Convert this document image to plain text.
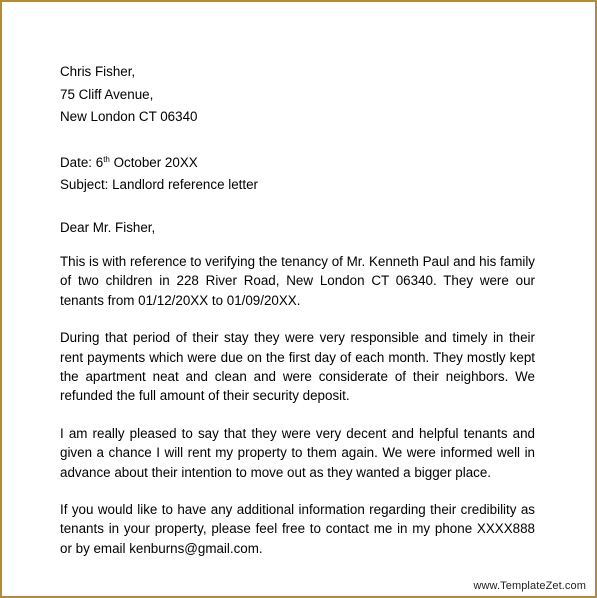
Chris Fisher,
75 Cliff Avenue,
New London CT 06340
Date: 6th October 20XX
Subject: Landlord reference letter
Dear Mr. Fisher,
This is with reference to verifying the tenancy of Mr. Kenneth Paul and his family of two children in 228 River Road, New London CT 06340. They were our tenants from 01/12/20XX to 01/09/20XX.
During that period of their stay they were very responsible and timely in their rent payments which were due on the first day of each month. They mostly kept the apartment neat and clean and were considerate of their neighbors. We refunded the full amount of their security deposit.
I am really pleased to say that they were very decent and helpful tenants and given a chance I will rent my property to them again. We were informed well in advance about their intention to move out as they wanted a bigger place.
If you would like to have any additional information regarding their credibility as tenants in your property, please feel free to contact me in my phone XXXX888 or by email kenburns@gmail.com.
www.TemplateZet.com
